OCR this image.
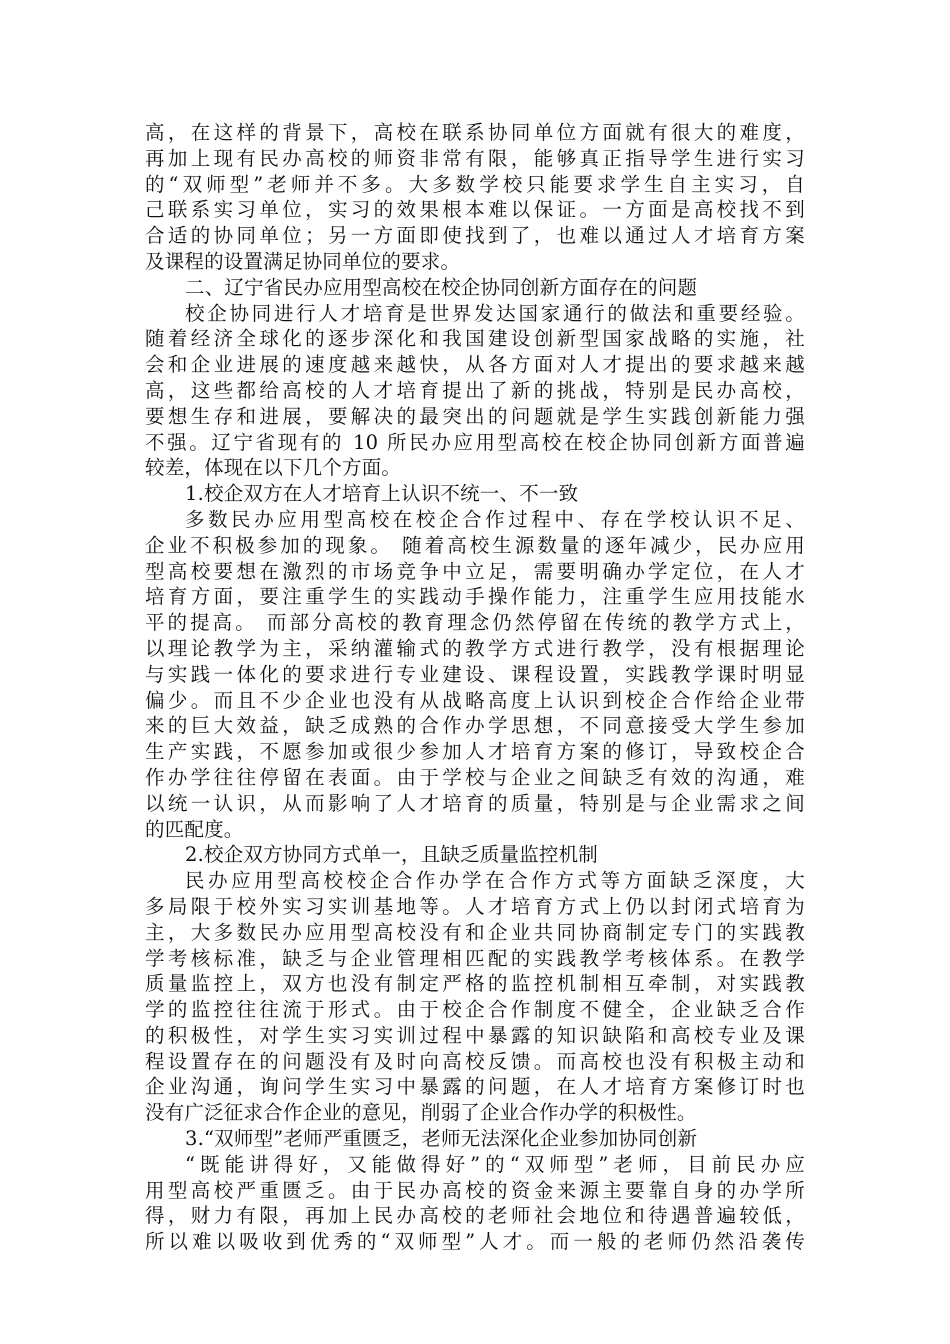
高，在这样的背景下，高校在联系协同单位方面就有很大的难度，
再加上现有民办高校的师资非常有限，能够真正指导学生进行实习
的“双师型”老师并不多。大多数学校只能要求学生自主实习，自
己联系实习单位，实习的效果根本难以保证。一方面是高校找不到
合适的协同单位；另一方面即使找到了，也难以通过人才培育方案
及课程的设置满足协同单位的要求。
二、辽宁省民办应用型高校在校企协同创新方面存在的问题
校企协同进行人才培育是世界发达国家通行的做法和重要经验。
随着经济全球化的逐步深化和我国建设创新型国家战略的实施，社
会和企业进展的速度越来越快，从各方面对人才提出的要求越来越
高，这些都给高校的人才培育提出了新的挑战，特别是民办高校，
要想生存和进展，要解决的最突出的问题就是学生实践创新能力强
不强。辽宁省现有的 10 所民办应用型高校在校企协同创新方面普遍
较差，体现在以下几个方面。
1.校企双方在人才培育上认识不统一、不一致
多数民办应用型高校在校企合作过程中、存在学校认识不足、
企业不积极参加的现象。 随着高校生源数量的逐年减少，民办应用
型高校要想在激烈的市场竞争中立足，需要明确办学定位，在人才
培育方面，要注重学生的实践动手操作能力，注重学生应用技能水
平的提高。 而部分高校的教育理念仍然停留在传统的教学方式上，
以理论教学为主，采纳灌输式的教学方式进行教学，没有根据理论
与实践一体化的要求进行专业建设、课程设置，实践教学课时明显
偏少。而且不少企业也没有从战略高度上认识到校企合作给企业带
来的巨大效益，缺乏成熟的合作办学思想，不同意接受大学生参加
生产实践，不愿参加或很少参加人才培育方案的修订，导致校企合
作办学往往停留在表面。由于学校与企业之间缺乏有效的沟通，难
以统一认识，从而影响了人才培育的质量，特别是与企业需求之间
的匹配度。
2.校企双方协同方式单一，且缺乏质量监控机制
民办应用型高校校企合作办学在合作方式等方面缺乏深度，大
多局限于校外实习实训基地等。人才培育方式上仍以封闭式培育为
主，大多数民办应用型高校没有和企业共同协商制定专门的实践教
学考核标准，缺乏与企业管理相匹配的实践教学考核体系。在教学
质量监控上，双方也没有制定严格的监控机制相互牵制，对实践教
学的监控往往流于形式。由于校企合作制度不健全，企业缺乏合作
的积极性，对学生实习实训过程中暴露的知识缺陷和高校专业及课
程设置存在的问题没有及时向高校反馈。而高校也没有积极主动和
企业沟通，询问学生实习中暴露的问题，在人才培育方案修订时也
没有广泛征求合作企业的意见，削弱了企业合作办学的积极性。
3.“双师型”老师严重匮乏，老师无法深化企业参加协同创新
“既能讲得好，又能做得好”的“双师型”老师，目前民办应
用型高校严重匮乏。由于民办高校的资金来源主要靠自身的办学所
得，财力有限，再加上民办高校的老师社会地位和待遇普遍较低，
所以难以吸收到优秀的“双师型”人才。而一般的老师仍然沿袭传
